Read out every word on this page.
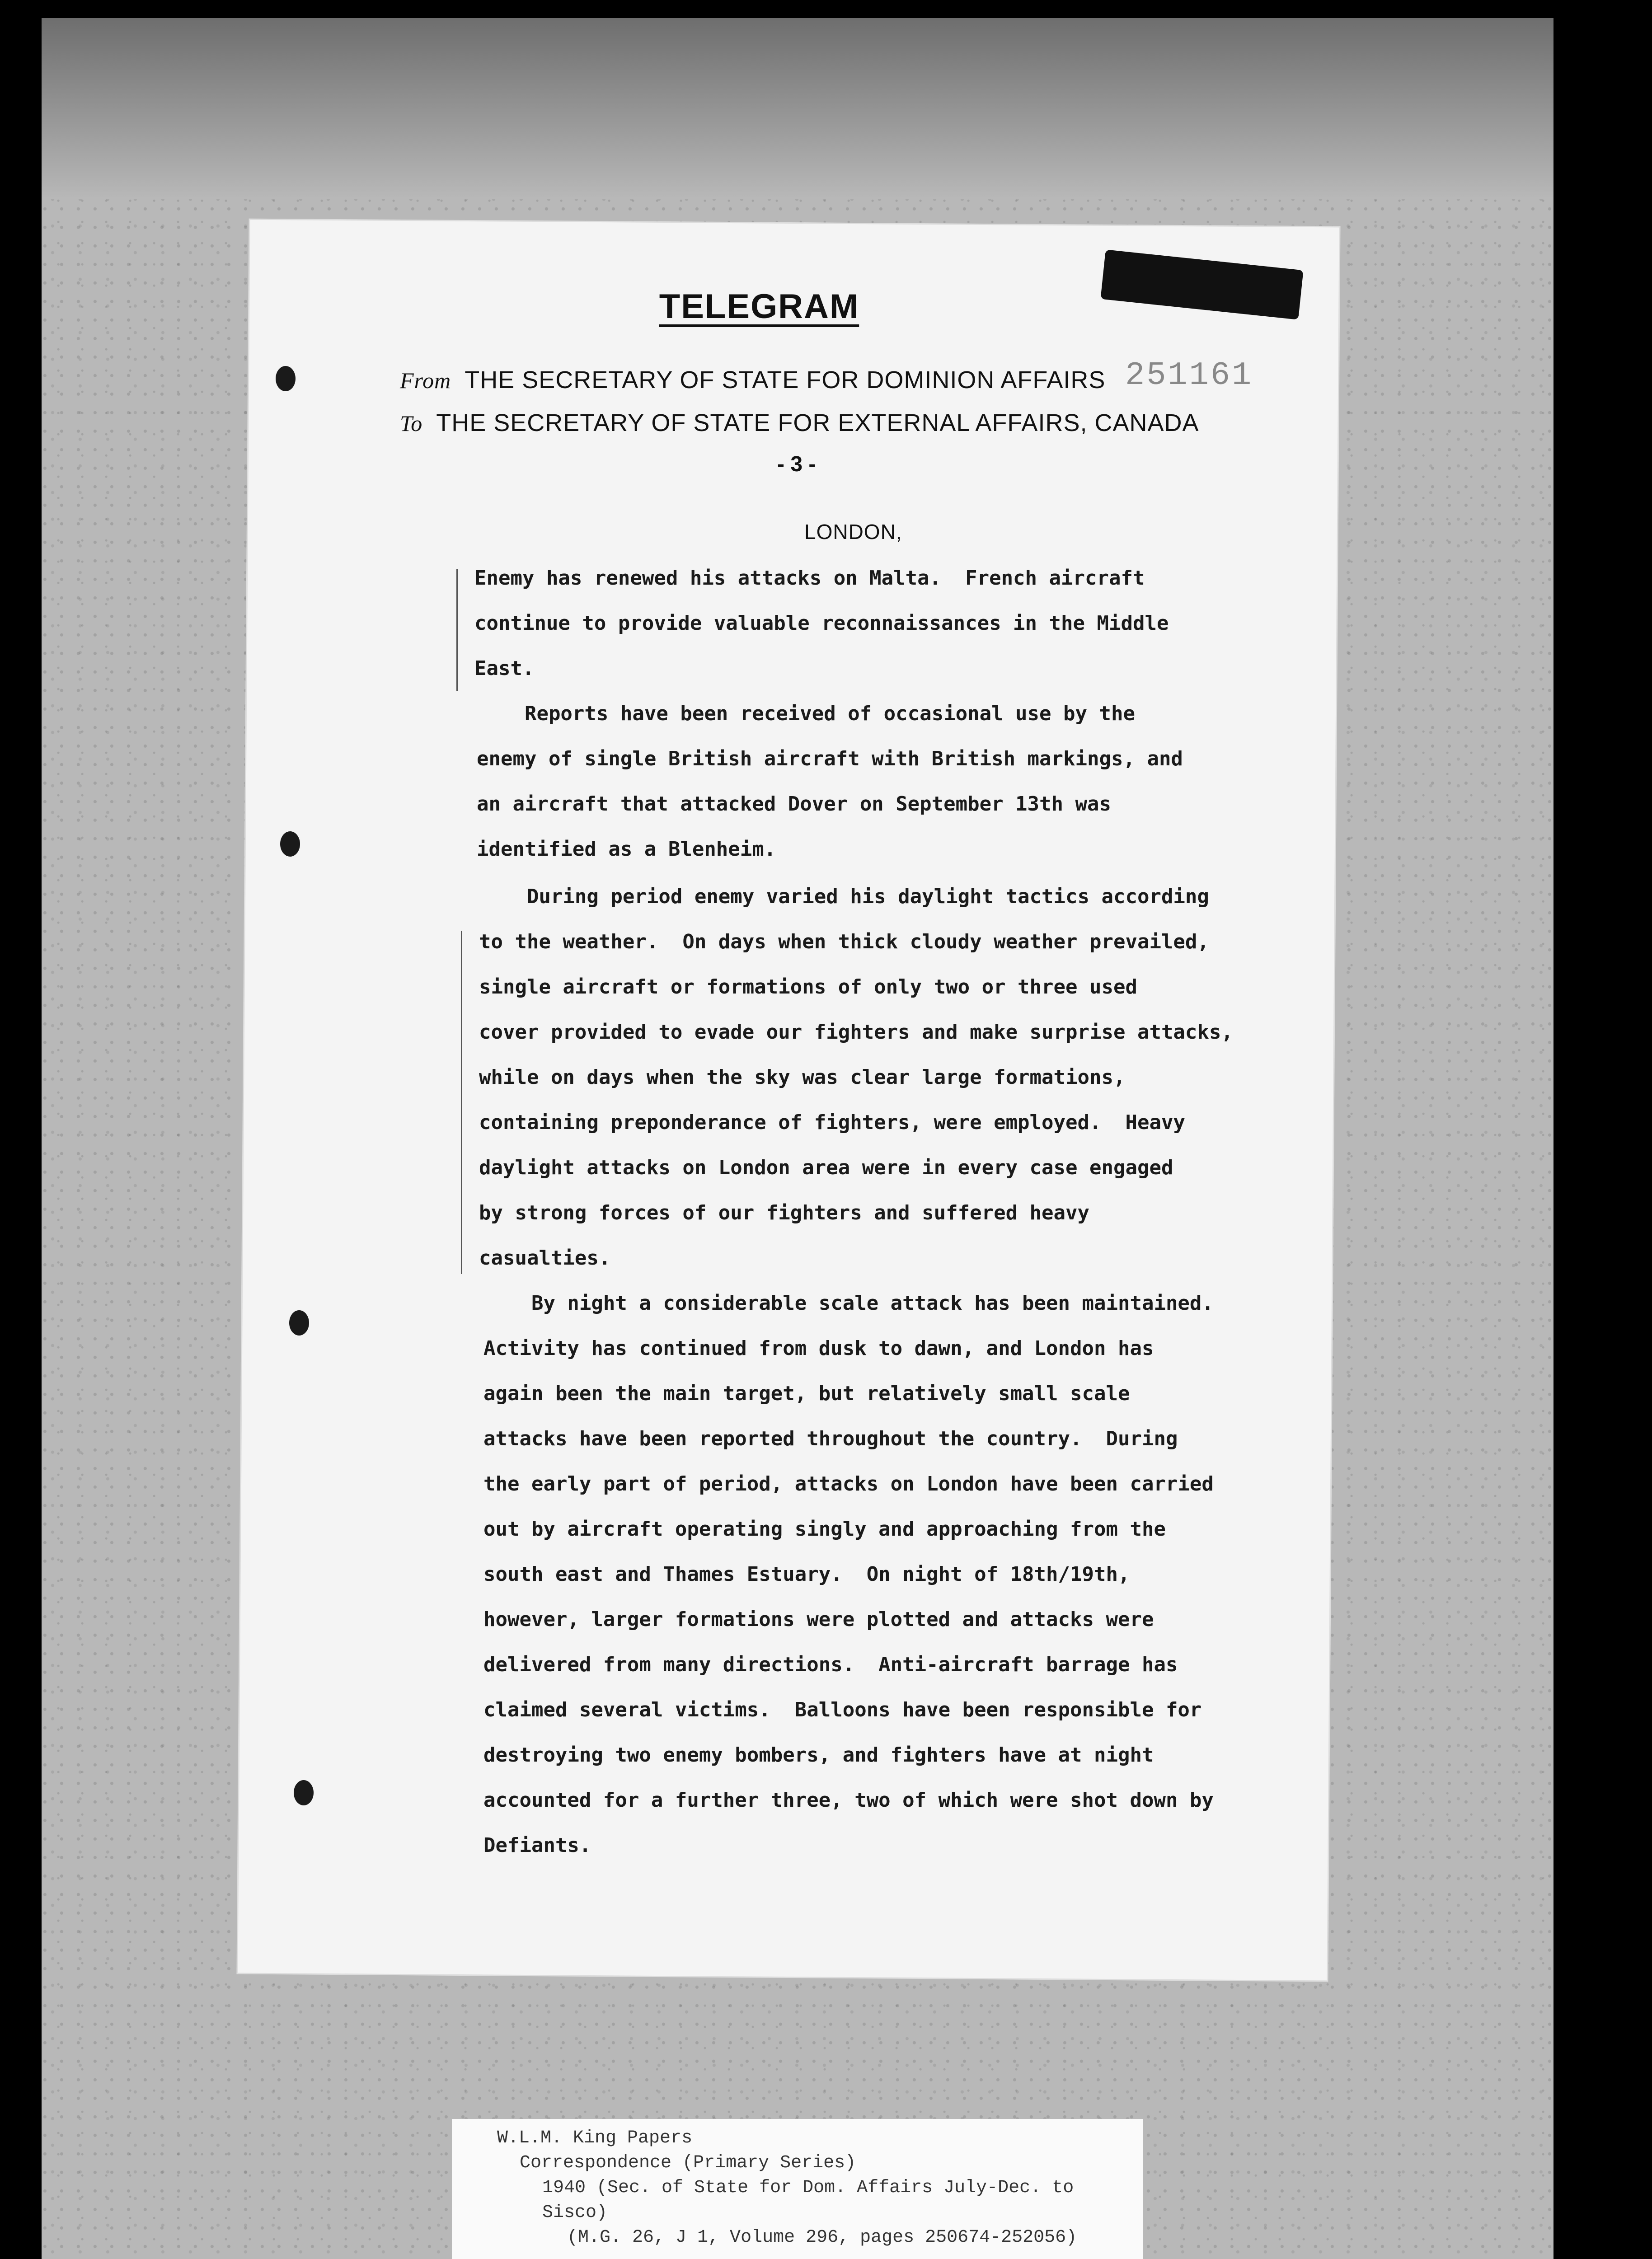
TELEGRAM
From THE SECRETARY OF STATE FOR DOMINION AFFAIRS
To THE SECRETARY OF STATE FOR EXTERNAL AFFAIRS, CANADA
251161
- 3 -
LONDON,
Enemy has renewed his attacks on Malta.  French aircraft
continue to provide valuable reconnaissances in the Middle
East.
Reports have been received of occasional use by the
enemy of single British aircraft with British markings, and
an aircraft that attacked Dover on September 13th was
identified as a Blenheim.
During period enemy varied his daylight tactics according
to the weather.  On days when thick cloudy weather prevailed,
single aircraft or formations of only two or three used
cover provided to evade our fighters and make surprise attacks,
while on days when the sky was clear large formations,
containing preponderance of fighters, were employed.  Heavy
daylight attacks on London area were in every case engaged
by strong forces of our fighters and suffered heavy
casualties.
By night a considerable scale attack has been maintained.
Activity has continued from dusk to dawn, and London has
again been the main target, but relatively small scale
attacks have been reported throughout the country.  During
the early part of period, attacks on London have been carried
out by aircraft operating singly and approaching from the
south east and Thames Estuary.  On night of 18th/19th,
however, larger formations were plotted and attacks were
delivered from many directions.  Anti-aircraft barrage has
claimed several victims.  Balloons have been responsible for
destroying two enemy bombers, and fighters have at night
accounted for a further three, two of which were shot down by
Defiants.
W.L.M. King Papers
Correspondence (Primary Series)
1940 (Sec. of State for Dom. Affairs July-Dec. to
Sisco)
(M.G. 26, J 1, Volume 296, pages 250674-252056)
